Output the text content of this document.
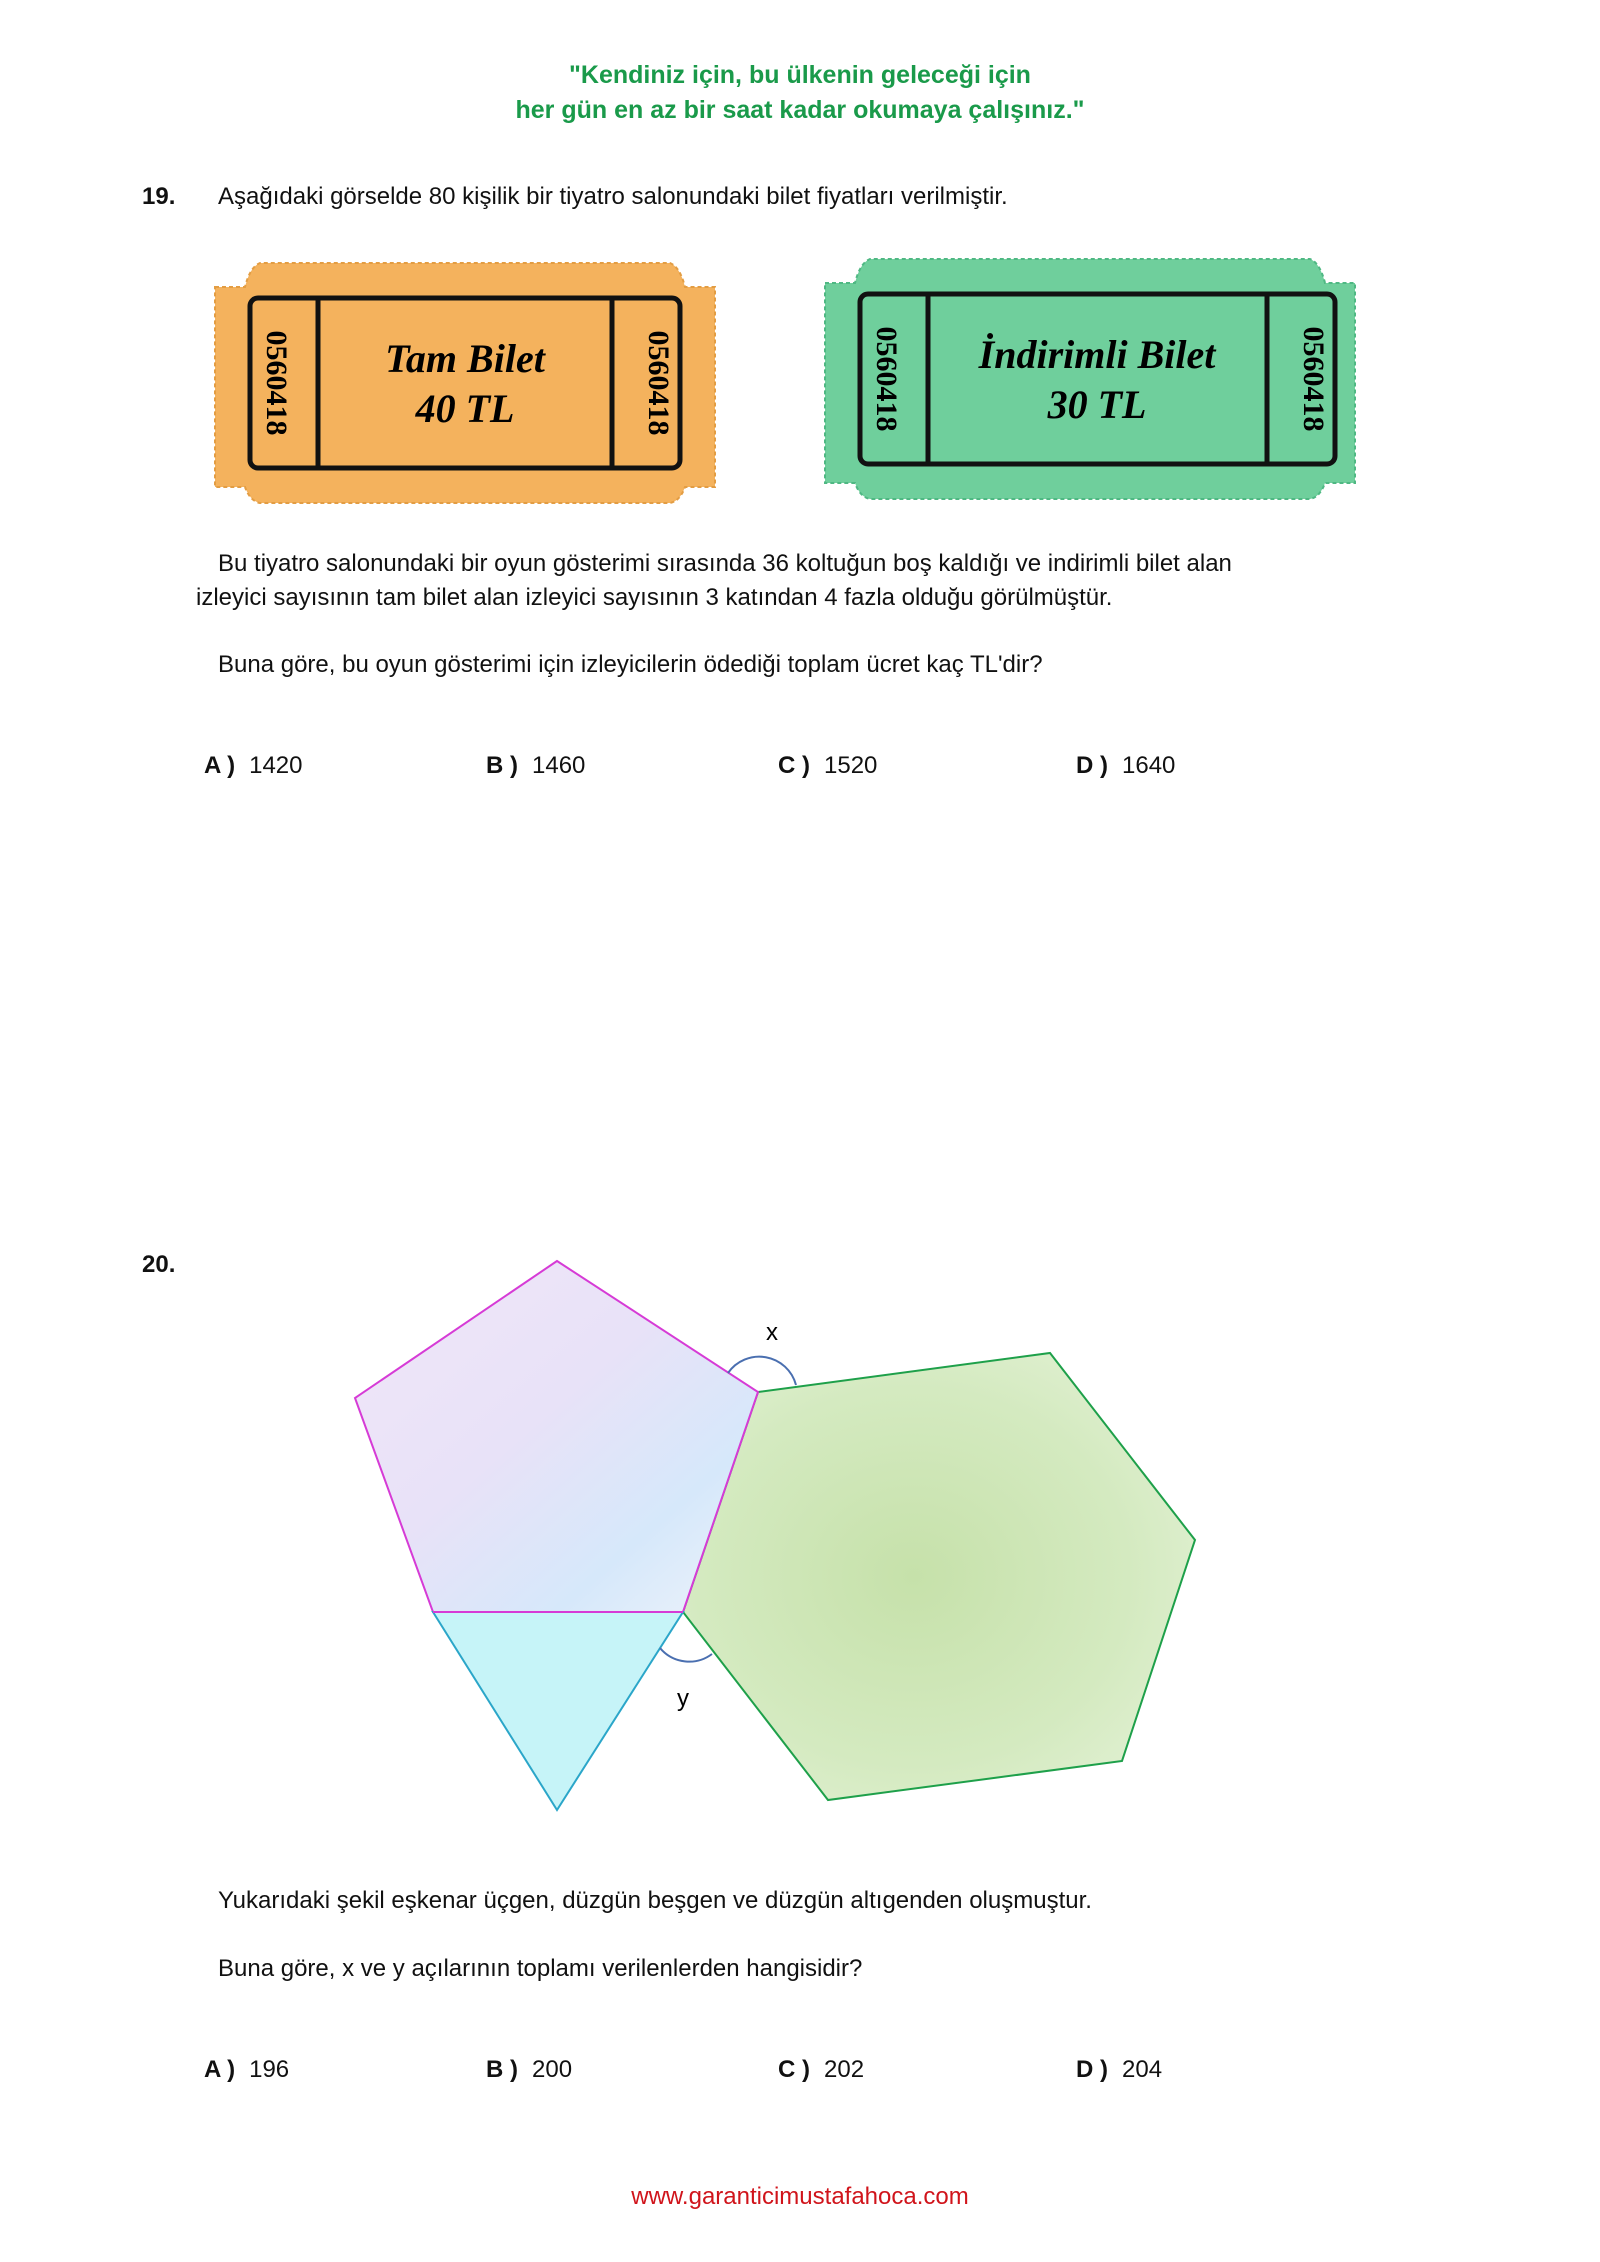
"Kendiniz için, bu ülkenin geleceği için
her gün en az bir saat kadar okumaya çalışınız."
19. Aşağıdaki görselde 80 kişilik bir tiyatro salonundaki bilet fiyatları verilmiştir.
0560418	0560418
Tam Bilet
40 TL	0560418	0560418
İndirimli Bilet
30 TL
Bu tiyatro salonundaki bir oyun gösterimi sırasında 36 koltuğun boş kaldığı ve indirimli bilet alan
izleyici sayısının tam bilet alan izleyici sayısının 3 katından 4 fazla olduğu görülmüştür.
Buna göre, bu oyun gösterimi için izleyicilerin ödediği toplam ücret kaç TL'dir?
A ) 1420	B ) 1460	C ) 1520	D ) 1640
20.
x
y
Yukarıdaki şekil eşkenar üçgen, düzgün beşgen ve düzgün altıgenden oluşmuştur.
Buna göre, x ve y açılarının toplamı verilenlerden hangisidir?
A ) 196	B ) 200	C ) 202	D ) 204
www.garanticimustafahoca.com
